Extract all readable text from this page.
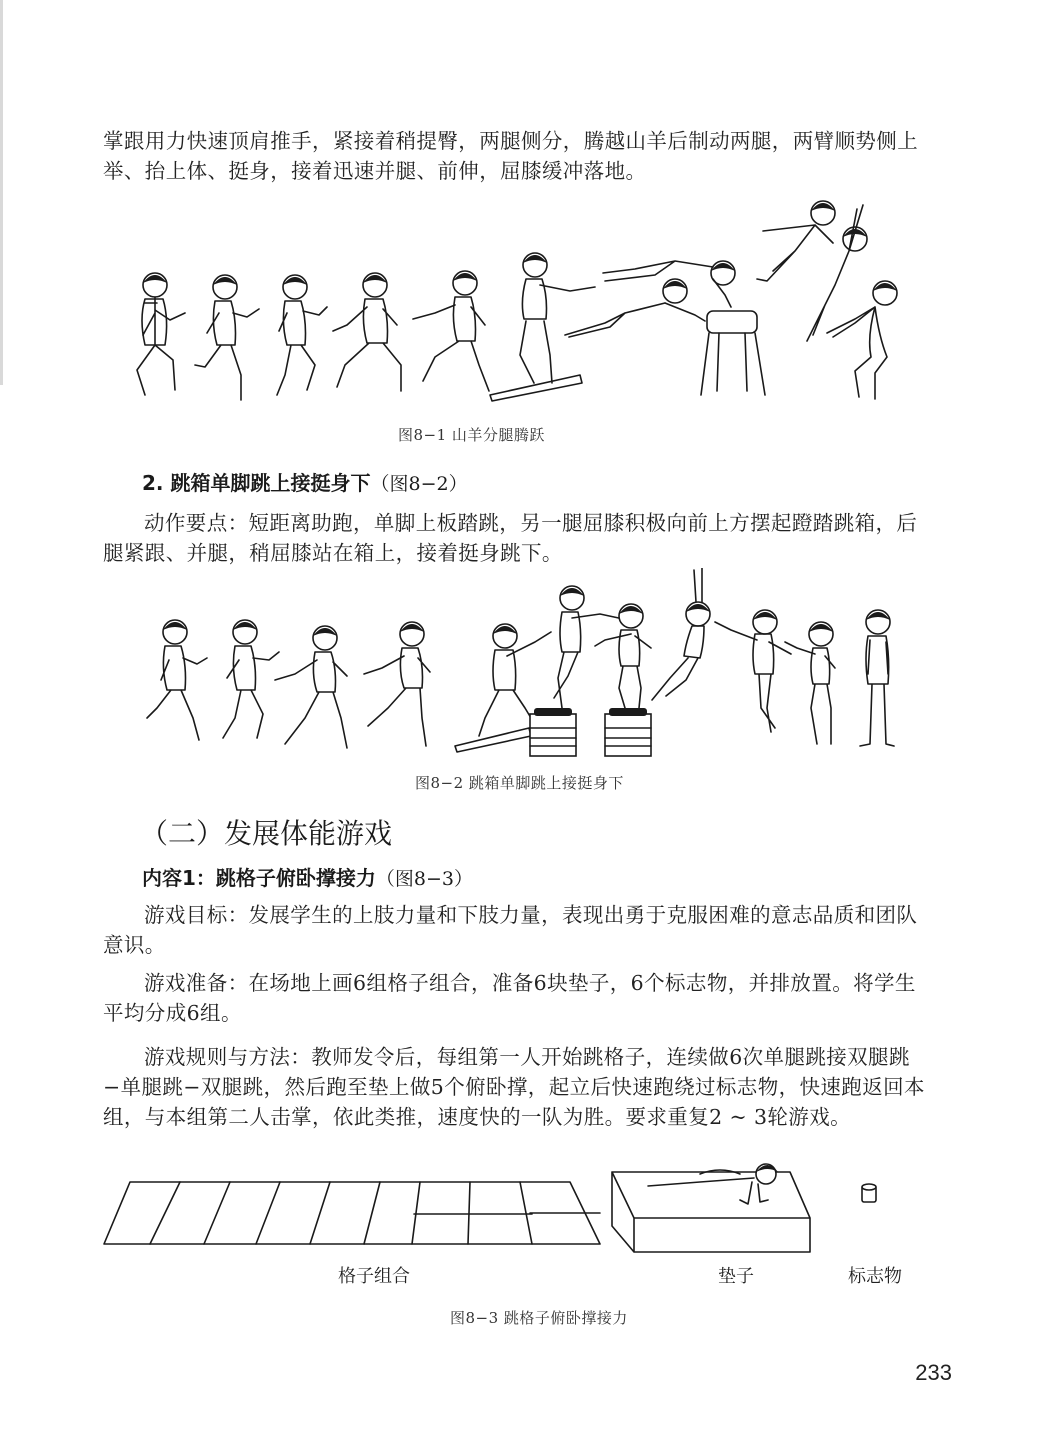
掌跟用力快速顶肩推手，紧接着稍提臀，两腿侧分，腾越山羊后制动两腿，两臂顺势侧上举、抬上体、挺身，接着迅速并腿、前伸，屈膝缓冲落地。

图8−1 山羊分腿腾跃
2. 跳箱单脚跳上接挺身下（图8−2）

动作要点：短距离助跑，单脚上板踏跳，另一腿屈膝积极向前上方摆起蹬踏跳箱，后腿紧跟、并腿，稍屈膝站在箱上，接着挺身跳下。

图8−2 跳箱单脚跳上接挺身下
（二）发展体能游戏
内容1：跳格子俯卧撑接力（图8−3）

游戏目标：发展学生的上肢力量和下肢力量，表现出勇于克服困难的意志品质和团队意识。

游戏准备：在场地上画6组格子组合，准备6块垫子，6个标志物，并排放置。将学生平均分成6组。

游戏规则与方法：教师发令后，每组第一人开始跳格子，连续做6次单腿跳接双腿跳−单腿跳−双腿跳，然后跑至垫上做5个俯卧撑，起立后快速跑绕过标志物，快速跑返回本组，与本组第二人击掌，依此类推，速度快的一队为胜。要求重复2 ~ 3轮游戏。

格子组合	垫子	标志物
图8−3 跳格子俯卧撑接力
233
